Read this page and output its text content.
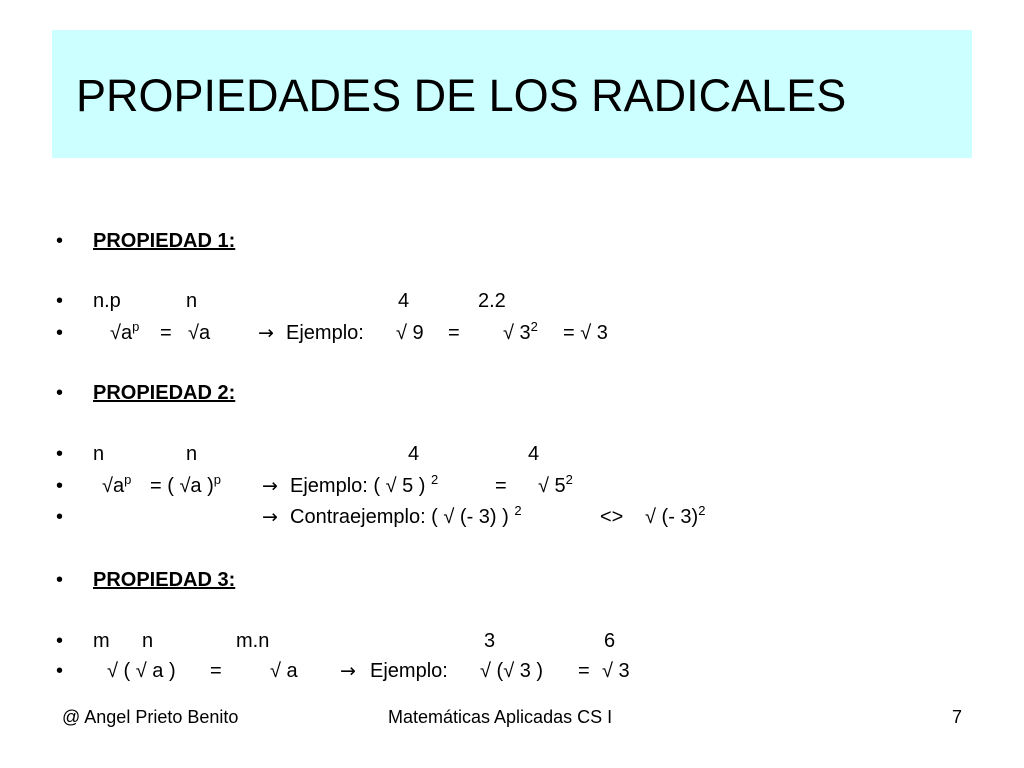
PROPIEDADES DE LOS RADICALES
• PROPIEDAD 1:
• n.p	n	4	2.2
• $√a^p = √a$	→ Ejemplo: √ 9 = √ $3^2$ = √ 3
• PROPIEDAD 2:
• n	n	4	4
• $√a^p$ = ( √a )$^p$ → Ejemplo: ( √ 5 ) $^2$	= √ $5^2$
•	→ Contraejemplo: ( √ (- 3) ) $^2$	<> √ (- 3)$^2$
• PROPIEDAD 3:
• m n	m.n	3	6
• √ ( √ a ) = √ a → Ejemplo: √ (√ 3 ) = √ 3
@ Angel Prieto Benito	Matemáticas Aplicadas CS I	7
